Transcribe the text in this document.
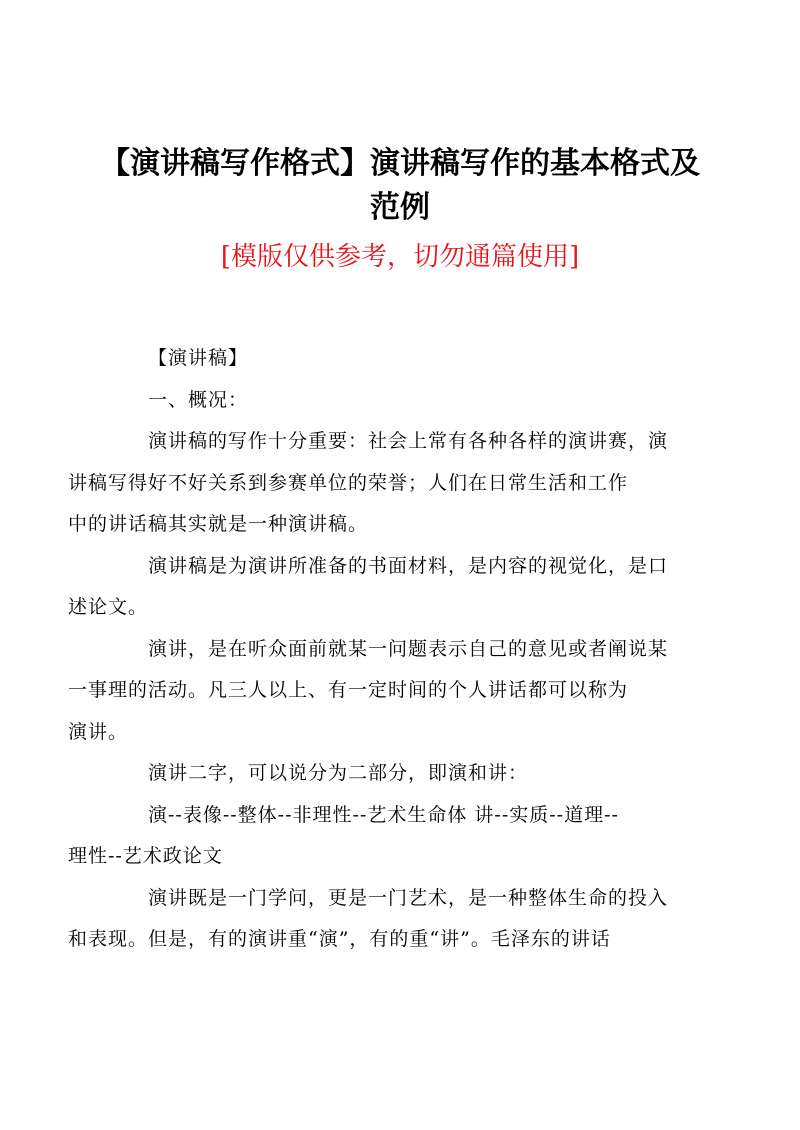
【演讲稿写作格式】演讲稿写作的基本格式及
范例
[模版仅供参考，切勿通篇使用]

【演讲稿】

一、概况：

演讲稿的写作十分重要：社会上常有各种各样的演讲赛，演
讲稿写得好不好关系到参赛单位的荣誉；人们在日常生活和工作
中的讲话稿其实就是一种演讲稿。

演讲稿是为演讲所准备的书面材料，是内容的视觉化，是口
述论文。

演讲，是在听众面前就某一问题表示自己的意见或者阐说某
一事理的活动。凡三人以上、有一定时间的个人讲话都可以称为
演讲。

演讲二字，可以说分为二部分，即演和讲：

演--表像--整体--非理性--艺术生命体 讲--实质--道理--
理性--艺术政论文

演讲既是一门学问，更是一门艺术，是一种整体生命的投入
和表现。但是，有的演讲重“演”，有的重“讲”。毛泽东的讲话
